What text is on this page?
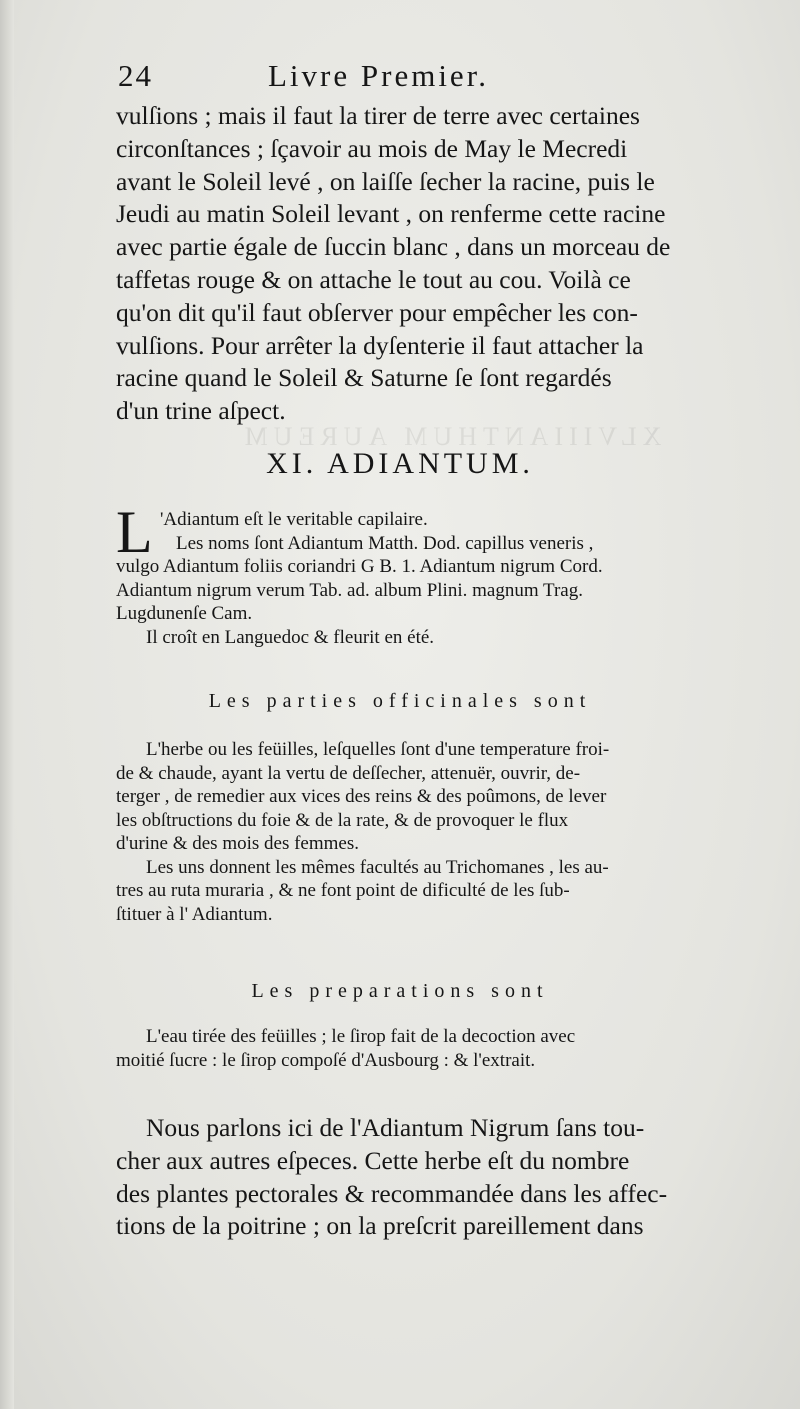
XLVIIIANTHUM AUREUM
24	Livre Premier.
vulſions ; mais il faut la tirer de terre avec certaines
circonſtances ; ſçavoir au mois de May le Mecredi
avant le Soleil levé , on laiſſe ſecher la racine, puis le
Jeudi au matin Soleil levant , on renferme cette racine
avec partie égale de ſuccin blanc , dans un morceau de
taffetas rouge & on attache le tout au cou. Voilà ce
qu'on dit qu'il faut obſerver pour empêcher les con-
vulſions. Pour arrêter la dyſenterie il faut attacher la
racine quand le Soleil & Saturne ſe ſont regardés
d'un trine aſpect.
XI. ADIANTUM.
L 'Adiantum eſt le veritable capilaire.
Les noms ſont Adiantum Matth. Dod. capillus veneris ,
vulgo Adiantum foliis coriandri G B. 1. Adiantum nigrum Cord.
Adiantum nigrum verum Tab. ad. album Plini. magnum Trag.
Lugdunenſe Cam.
Il croît en Languedoc & fleurit en été.
Les parties officinales sont
L'herbe ou les feüilles, leſquelles ſont d'une temperature froi-
de & chaude, ayant la vertu de deſſecher, attenuër, ouvrir, de-
terger , de remedier aux vices des reins & des poûmons, de lever
les obſtructions du foie & de la rate, & de provoquer le flux
d'urine & des mois des femmes.
Les uns donnent les mêmes facultés au Trichomanes , les au-
tres au ruta muraria , & ne font point de dificulté de les ſub-
ſtituer à l' Adiantum.
Les preparations sont
L'eau tirée des feüilles ; le ſirop fait de la decoction avec
moitié ſucre : le ſirop compoſé d'Ausbourg : & l'extrait.
Nous parlons ici de l'Adiantum Nigrum ſans tou-
cher aux autres eſpeces. Cette herbe eſt du nombre
des plantes pectorales & recommandée dans les affec-
tions de la poitrine ; on la preſcrit pareillement dans
